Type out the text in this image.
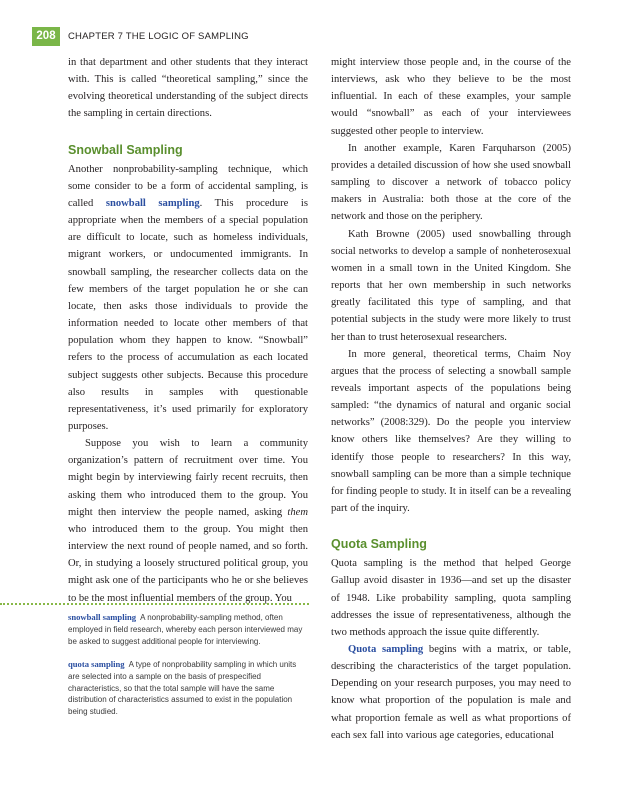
208	CHAPTER 7 THE LOGIC OF SAMPLING

in that department and other students that they interact with. This is called “theoretical sampling,” since the evolving theoretical understanding of the subject directs the sampling in certain directions.

Snowball Sampling

Another nonprobability-sampling technique, which some consider to be a form of accidental sampling, is called snowball sampling. This procedure is appropriate when the members of a special population are difficult to locate, such as homeless individuals, migrant workers, or undocumented immigrants. In snowball sampling, the researcher collects data on the few members of the target population he or she can locate, then asks those individuals to provide the information needed to locate other members of that population whom they happen to know. “Snowball” refers to the process of accumulation as each located subject suggests other subjects. Because this procedure also results in samples with questionable representativeness, it’s used primarily for exploratory purposes.

Suppose you wish to learn a community organization’s pattern of recruitment over time. You might begin by interviewing fairly recent recruits, then asking them who introduced them to the group. You might then interview the people named, asking them who introduced them to the group. You might then interview the next round of people named, and so forth. Or, in studying a loosely structured political group, you might ask one of the participants who he or she believes to be the most influential members of the group. You

might interview those people and, in the course of the interviews, ask who they believe to be the most influential. In each of these examples, your sample would “snowball” as each of your interviewees suggested other people to interview.

In another example, Karen Farquharson (2005) provides a detailed discussion of how she used snowball sampling to discover a network of tobacco policy makers in Australia: both those at the core of the network and those on the periphery.

Kath Browne (2005) used snowballing through social networks to develop a sample of nonheterosexual women in a small town in the United Kingdom. She reports that her own membership in such networks greatly facilitated this type of sampling, and that potential subjects in the study were more likely to trust her than to trust heterosexual researchers.

In more general, theoretical terms, Chaim Noy argues that the process of selecting a snowball sample reveals important aspects of the populations being sampled: “the dynamics of natural and organic social networks” (2008:329). Do the people you interview know others like themselves? Are they willing to identify those people to researchers? In this way, snowball sampling can be more than a simple technique for finding people to study. It in itself can be a revealing part of the inquiry.

Quota Sampling

Quota sampling is the method that helped George Gallup avoid disaster in 1936—and set up the disaster of 1948. Like probability sampling, quota sampling addresses the issue of representativeness, although the two methods approach the issue quite differently.

Quota sampling begins with a matrix, or table, describing the characteristics of the target population. Depending on your research purposes, you may need to know what proportion of the population is male and what proportion female as well as what proportions of each sex fall into various age categories, educational

snowball sampling A nonprobability-sampling method, often employed in field research, whereby each person interviewed may be asked to suggest additional people for interviewing.

quota sampling A type of nonprobability sampling in which units are selected into a sample on the basis of prespecified characteristics, so that the total sample will have the same distribution of characteristics assumed to exist in the population being studied.
